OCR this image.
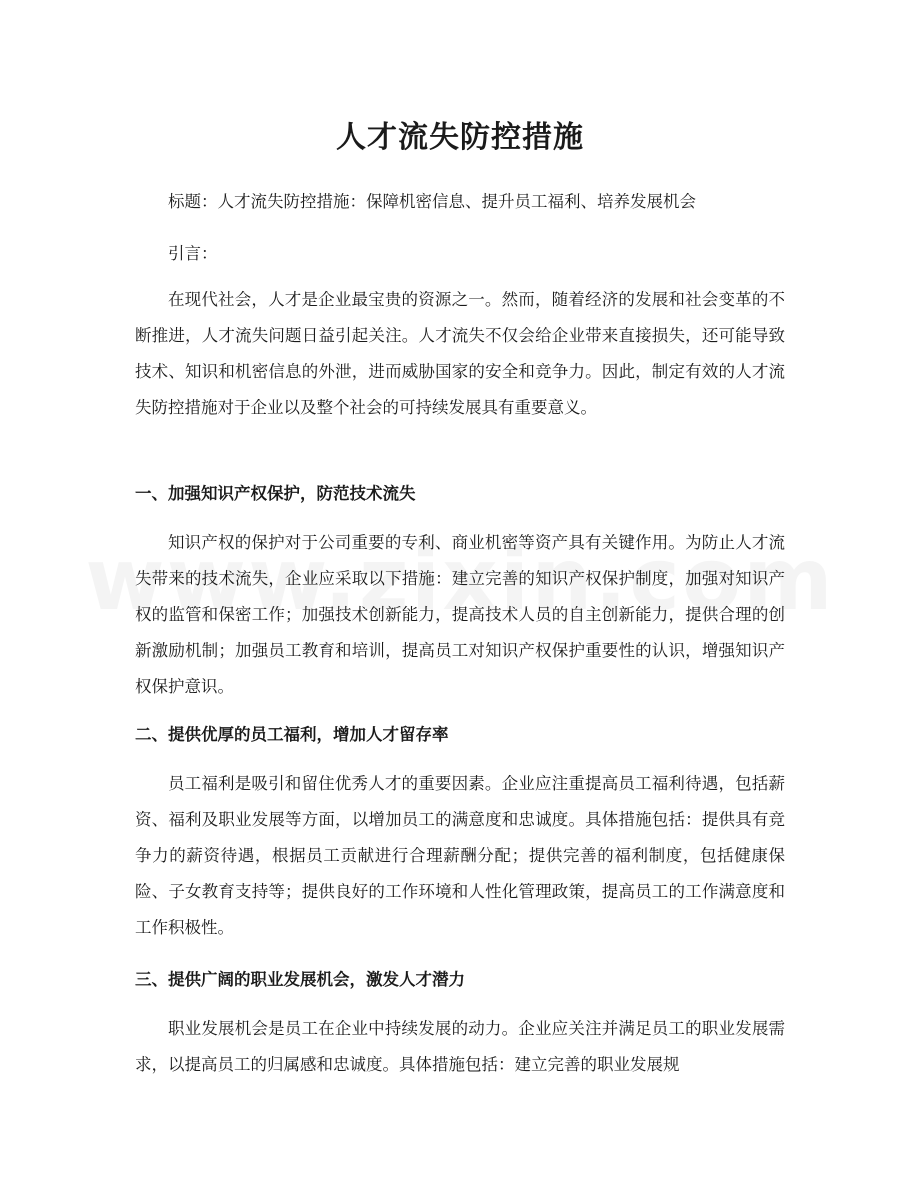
人才流失防控措施

标题：人才流失防控措施：保障机密信息、提升员工福利、培养发展机会

引言：

在现代社会，人才是企业最宝贵的资源之一。然而，随着经济的发展和社会变革的不断推进，人才流失问题日益引起关注。人才流失不仅会给企业带来直接损失，还可能导致技术、知识和机密信息的外泄，进而威胁国家的安全和竞争力。因此，制定有效的人才流失防控措施对于企业以及整个社会的可持续发展具有重要意义。

一、加强知识产权保护，防范技术流失

知识产权的保护对于公司重要的专利、商业机密等资产具有关键作用。为防止人才流失带来的技术流失，企业应采取以下措施：建立完善的知识产权保护制度，加强对知识产权的监管和保密工作；加强技术创新能力，提高技术人员的自主创新能力，提供合理的创新激励机制；加强员工教育和培训，提高员工对知识产权保护重要性的认识，增强知识产权保护意识。

二、提供优厚的员工福利，增加人才留存率

员工福利是吸引和留住优秀人才的重要因素。企业应注重提高员工福利待遇，包括薪资、福利及职业发展等方面，以增加员工的满意度和忠诚度。具体措施包括：提供具有竞争力的薪资待遇，根据员工贡献进行合理薪酬分配；提供完善的福利制度，包括健康保险、子女教育支持等；提供良好的工作环境和人性化管理政策，提高员工的工作满意度和工作积极性。

三、提供广阔的职业发展机会，激发人才潜力

职业发展机会是员工在企业中持续发展的动力。企业应关注并满足员工的职业发展需求，以提高员工的归属感和忠诚度。具体措施包括：建立完善的职业发展规
